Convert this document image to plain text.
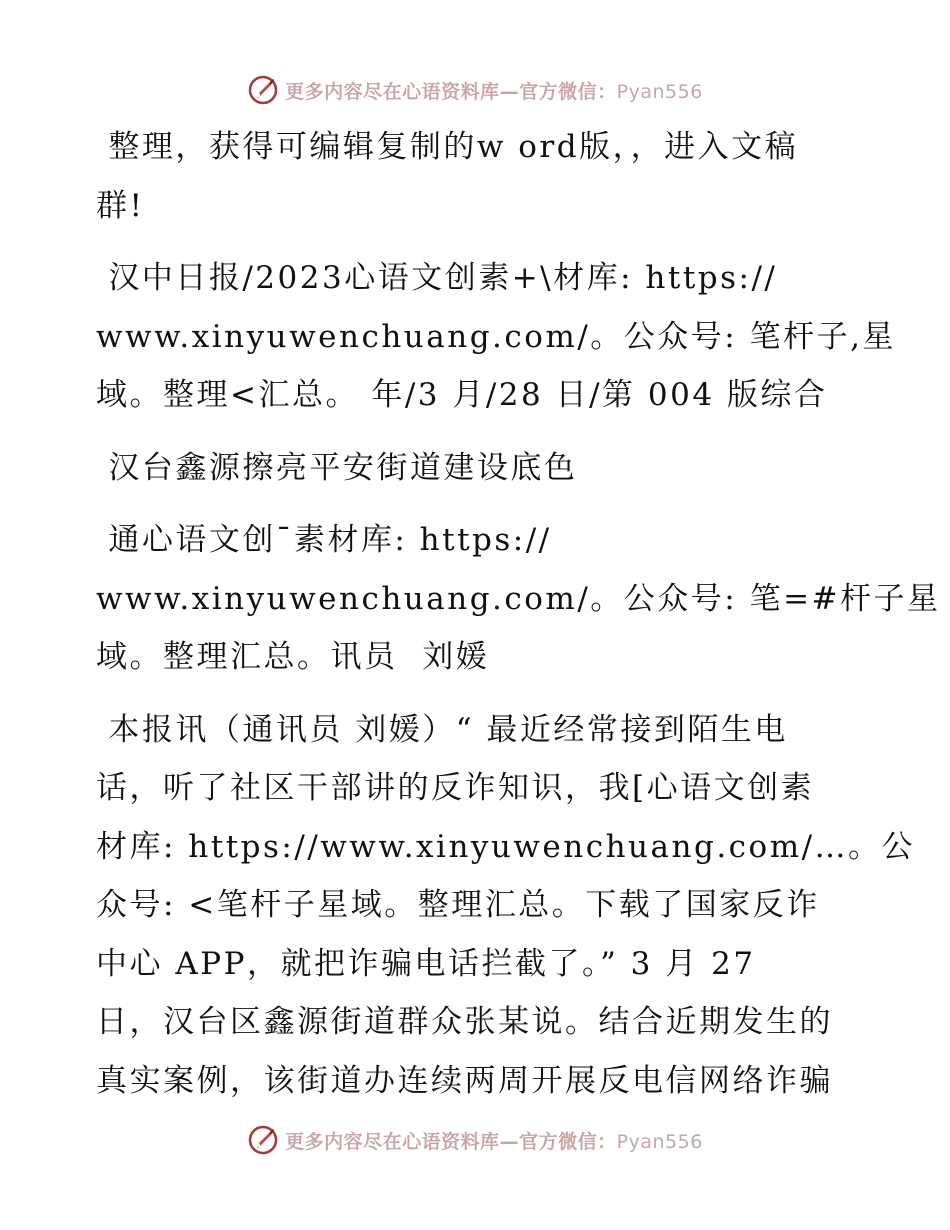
更多内容尽在心语资料库—官方微信：Pyan556
整理，获得可编辑复制的w ord版，，进入文稿
群!
汉中日报/2023心语文创素+\材库: https://
www.xinyuwenchuang.com/。公众号: 笔杆子,星
域。整理<汇总。 年/3 月/28 日/第 004 版综合
汉台鑫源擦亮平安街道建设底色
通心语文创¯素材库: https://
www.xinyuwenchuang.com/。公众号: 笔=#杆子星
域。整理汇总。讯员  刘媛
本报讯（通讯员 刘媛）“ 最近经常接到陌生电
话，听了社区干部讲的反诈知识，我[心语文创素
材库: https://www.xinyuwenchuang.com/…。公
众号: <笔杆子星域。整理汇总。下载了国家反诈
中心 APP，就把诈骗电话拦截了。” 3 月 27
日，汉台区鑫源街道群众张某说。结合近期发生的
真实案例，该街道办连续两周开展反电信网络诈骗
更多内容尽在心语资料库—官方微信：Pyan556
